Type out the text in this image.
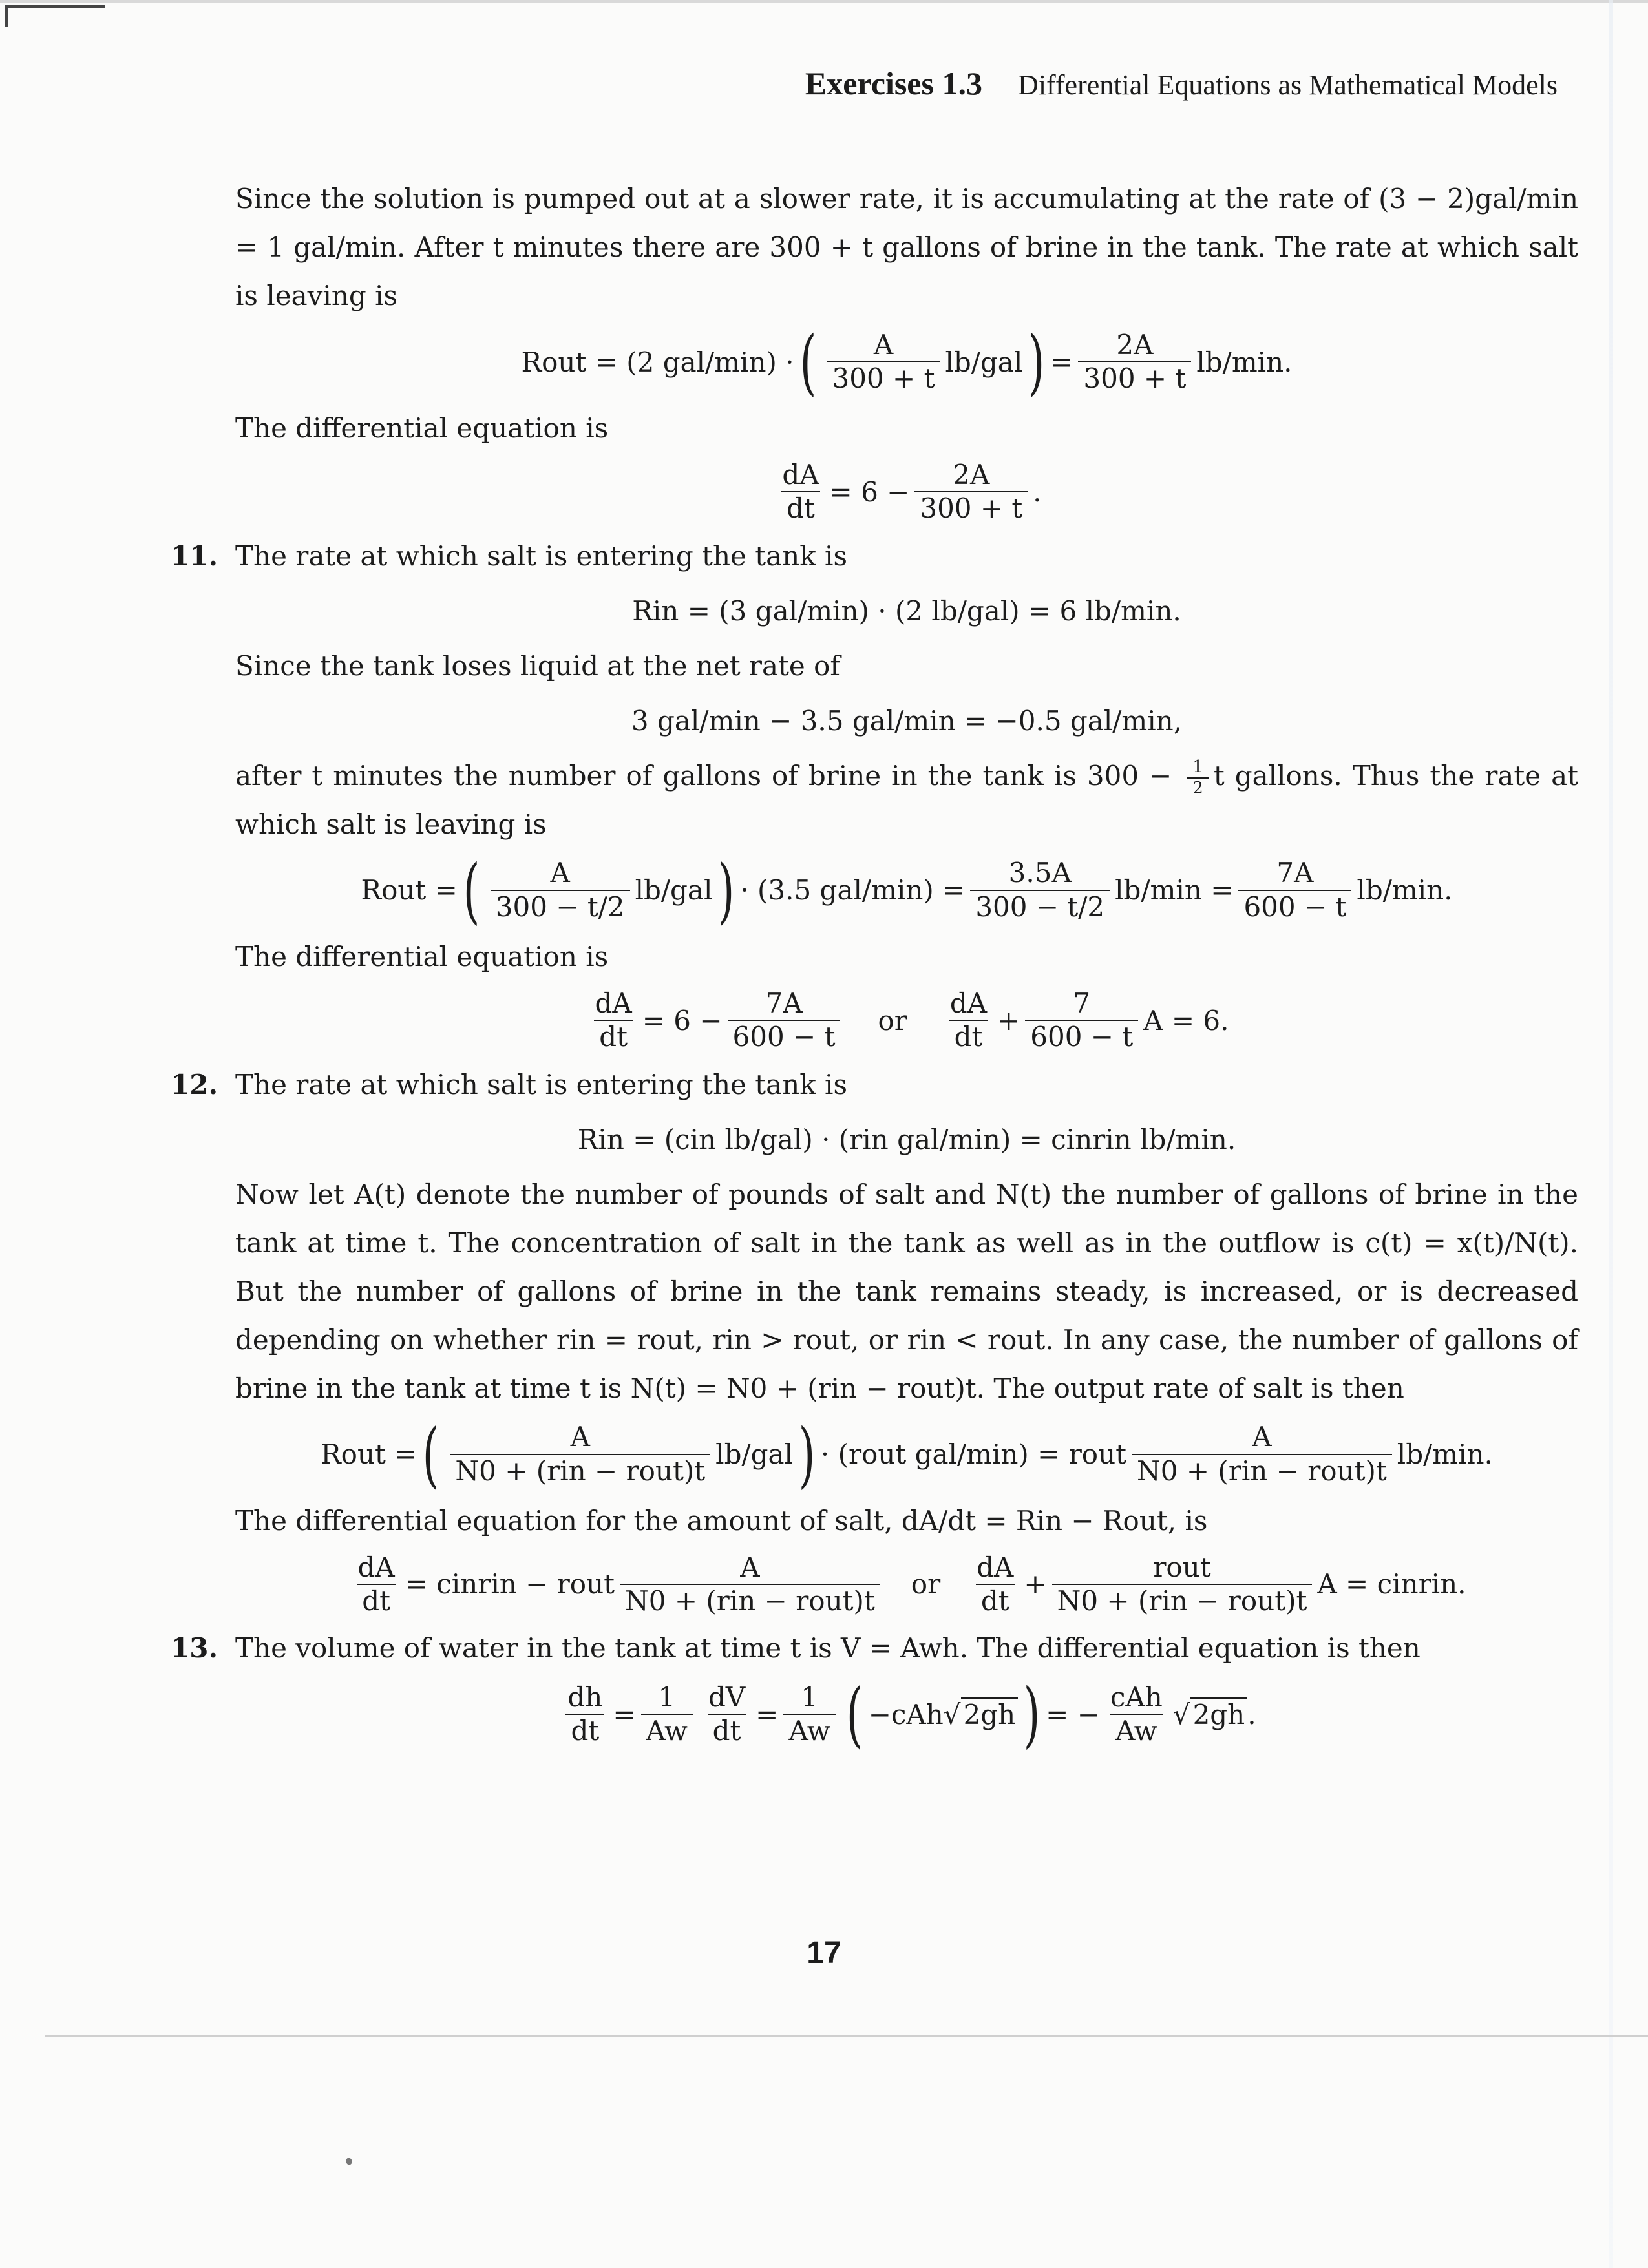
Exercises 1.3 Differential Equations as Mathematical Models

Since the solution is pumped out at a slower rate, it is accumulating at the rate of (3 − 2)gal/min = 1 gal/min. After t minutes there are 300 + t gallons of brine in the tank. The rate at which salt is leaving is

Rout = (2 gal/min) · ( $\frac{A}{300 + t} lb/gal$ ) = $\frac{2A}{300 + t} lb/\min$.

The differential equation is

$\frac{dA}{dt} = 6 - \frac{2A}{300 + t}$ .
11. The rate at which salt is entering the tank is

Rin = (3 gal/min) · (2 lb/gal) = 6 lb/min.

Since the tank loses liquid at the net rate of

3 gal/min − 3.5 gal/min = −0.5 gal/min,

after t minutes the number of gallons of brine in the tank is $300 - \frac{1}{2}$ t gallons. Thus the rate at which salt is leaving is

Rout = ( $\frac{A}{300 - t/2} lb/gal$ ) · (3.5 $gal/\min) = \frac{3.5A}{300 - t/2} lb/\min = \frac{7A}{600 - t} lb/\min$.

The differential equation is

$\frac{dA}{dt} = 6 - \frac{7A}{600 - t}$ or $\frac{dA}{dt} + \frac{7}{600 - t}$ A = 6.
12. The rate at which salt is entering the tank is

Rin = (cin lb/gal) · (rin gal/min) = cinrin lb/min.

Now let A(t) denote the number of pounds of salt and N(t) the number of gallons of brine in the tank at time t. The concentration of salt in the tank as well as in the outflow is c(t) = x(t)/N(t). But the number of gallons of brine in the tank remains steady, is increased, or is decreased depending on whether rin = rout, rin > rout, or rin < rout. In any case, the number of gallons of brine in the tank at time t is N(t) = N0 + (rin − rout)t. The output rate of salt is then

Rout = ( $\frac{A}{\text{N0 + (rin − rout)t}} lb/gal$ ) · (rout gal/min) = rout $\frac{A}{\text{N0 + (rin − rout)t}} lb/\min$.

The differential equation for the amount of salt, dA/dt = Rin − Rout, is

$\frac{dA}{dt}$ = cinrin − rout $\frac{A}{\text{N0 + (rin − rout)t}}$ or $\frac{dA}{dt} + \frac{\text{rout}}{\text{N0 + (rin − rout)t}}$ A = cinrin.
13. The volume of water in the tank at time t is V = Awh. The differential equation is then

$\frac{dh}{dt} = \frac{1}{Aw} \frac{dV}{dt} = \frac{1}{Aw}$ ( −cAh √2gh ) = − $\frac{\text{cAh}}{Aw} √2gh$ .
17
